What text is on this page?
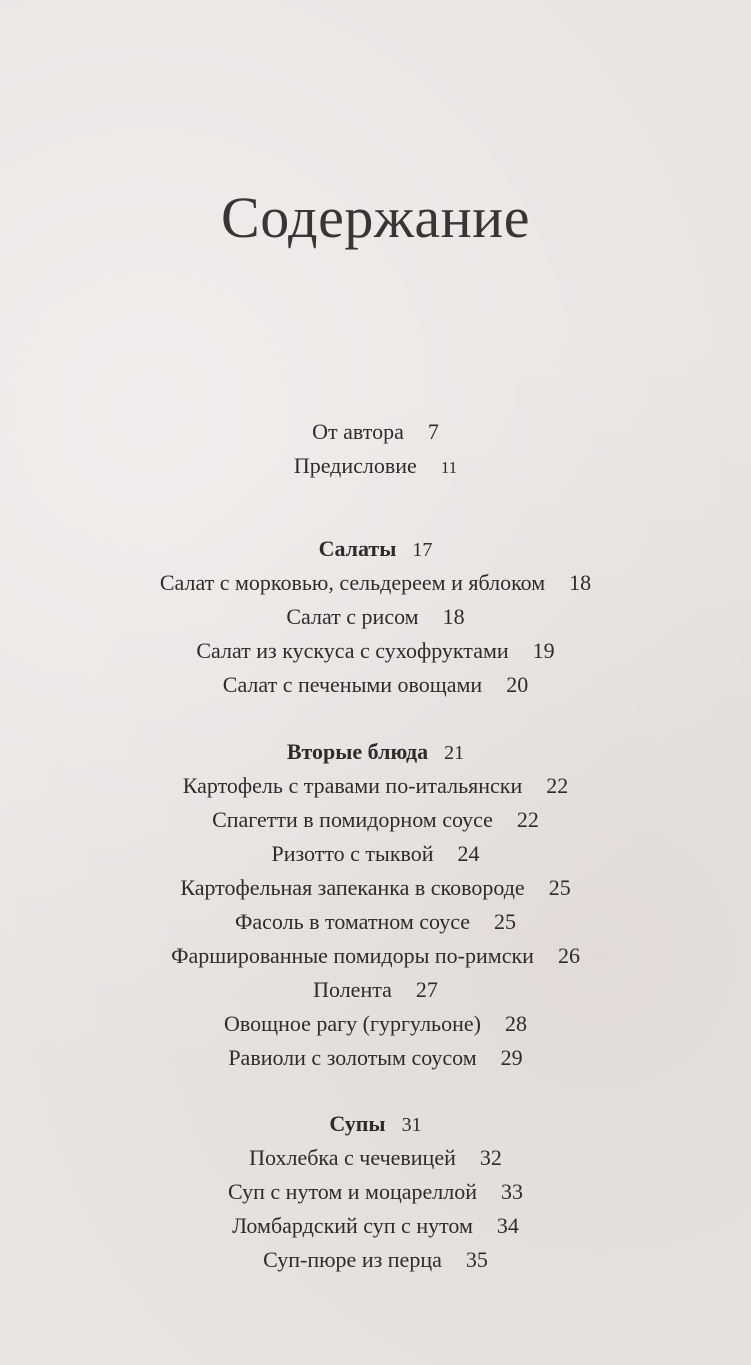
Содержание
От автора 7
Предисловие 11
Салаты 17
Салат с морковью, сельдереем и яблоком 18
Салат с рисом 18
Салат из кускуса с сухофруктами 19
Салат с печеными овощами 20
Вторые блюда 21
Картофель с травами по-итальянски 22
Спагетти в помидорном соусе 22
Ризотто с тыквой 24
Картофельная запеканка в сковороде 25
Фасоль в томатном соусе 25
Фаршированные помидоры по-римски 26
Полента 27
Овощное рагу (гургульоне) 28
Равиоли с золотым соусом 29
Супы 31
Похлебка с чечевицей 32
Суп с нутом и моцареллой 33
Ломбардский суп с нутом 34
Суп-пюре из перца 35
